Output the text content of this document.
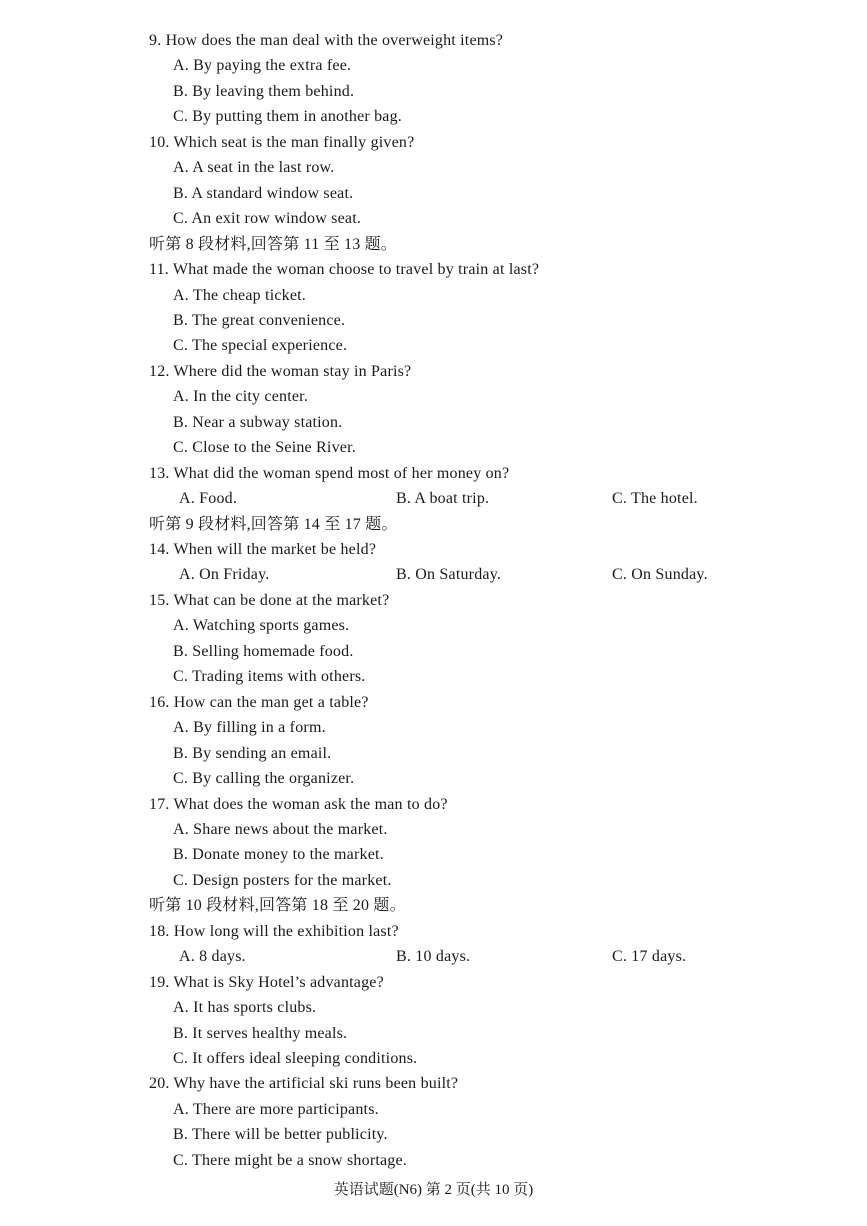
9. How does the man deal with the overweight items?
A. By paying the extra fee.
B. By leaving them behind.
C. By putting them in another bag.
10. Which seat is the man finally given?
A. A seat in the last row.
B. A standard window seat.
C. An exit row window seat.
听第 8 段材料,回答第 11 至 13 题。
11. What made the woman choose to travel by train at last?
A. The cheap ticket.
B. The great convenience.
C. The special experience.
12. Where did the woman stay in Paris?
A. In the city center.
B. Near a subway station.
C. Close to the Seine River.
13. What did the woman spend most of her money on?
A. Food.	B. A boat trip.	C. The hotel.
听第 9 段材料,回答第 14 至 17 题。
14. When will the market be held?
A. On Friday.	B. On Saturday.	C. On Sunday.
15. What can be done at the market?
A. Watching sports games.
B. Selling homemade food.
C. Trading items with others.
16. How can the man get a table?
A. By filling in a form.
B. By sending an email.
C. By calling the organizer.
17. What does the woman ask the man to do?
A. Share news about the market.
B. Donate money to the market.
C. Design posters for the market.
听第 10 段材料,回答第 18 至 20 题。
18. How long will the exhibition last?
A. 8 days.	B. 10 days.	C. 17 days.
19. What is Sky Hotel’s advantage?
A. It has sports clubs.
B. It serves healthy meals.
C. It offers ideal sleeping conditions.
20. Why have the artificial ski runs been built?
A. There are more participants.
B. There will be better publicity.
C. There might be a snow shortage.
英语试题(N6) 第 2 页(共 10 页)
